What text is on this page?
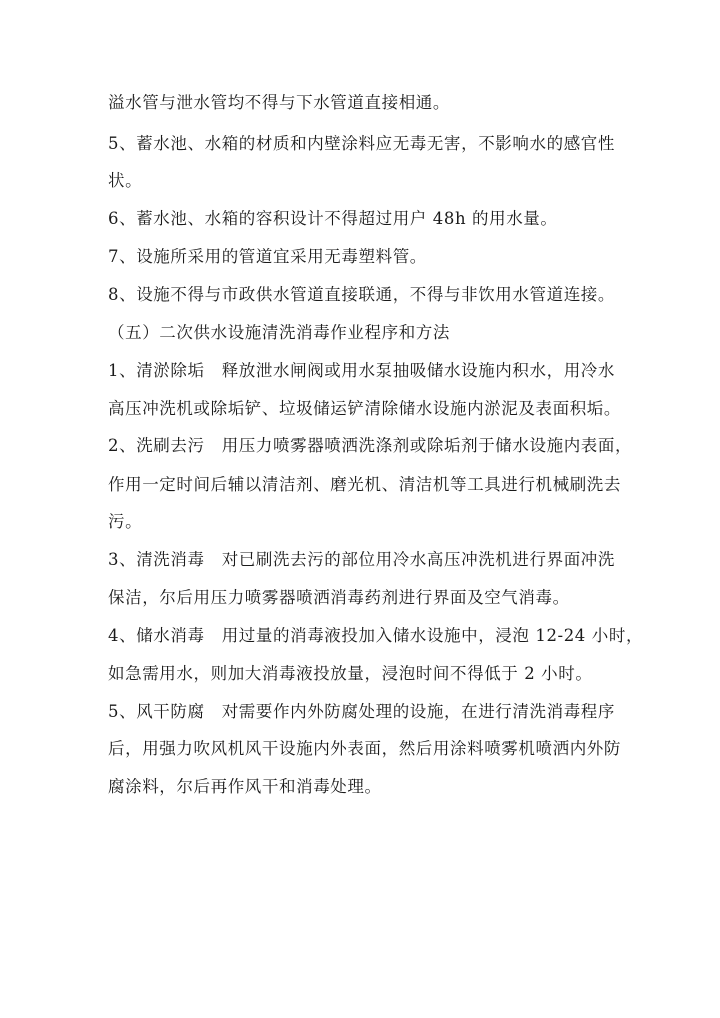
溢水管与泄水管均不得与下水管道直接相通。
5、蓄水池、水箱的材质和内壁涂料应无毒无害，不影响水的感官性
状。
6、蓄水池、水箱的容积设计不得超过用户 48h 的用水量。
7、设施所采用的管道宜采用无毒塑料管。
8、设施不得与市政供水管道直接联通，不得与非饮用水管道连接。
（五）二次供水设施清洗消毒作业程序和方法
1、清淤除垢　释放泄水闸阀或用水泵抽吸储水设施内积水，用冷水
高压冲洗机或除垢铲、垃圾储运铲清除储水设施内淤泥及表面积垢。
2、洗刷去污　用压力喷雾器喷洒洗涤剂或除垢剂于储水设施内表面，
作用一定时间后辅以清洁剂、磨光机、清洁机等工具进行机械刷洗去
污。
3、清洗消毒　对已刷洗去污的部位用冷水高压冲洗机进行界面冲洗
保洁，尔后用压力喷雾器喷洒消毒药剂进行界面及空气消毒。
4、储水消毒　用过量的消毒液投加入储水设施中，浸泡 12-24 小时，
如急需用水，则加大消毒液投放量，浸泡时间不得低于 2 小时。
5、风干防腐　对需要作内外防腐处理的设施，在进行清洗消毒程序
后，用强力吹风机风干设施内外表面，然后用涂料喷雾机喷洒内外防
腐涂料，尔后再作风干和消毒处理。
